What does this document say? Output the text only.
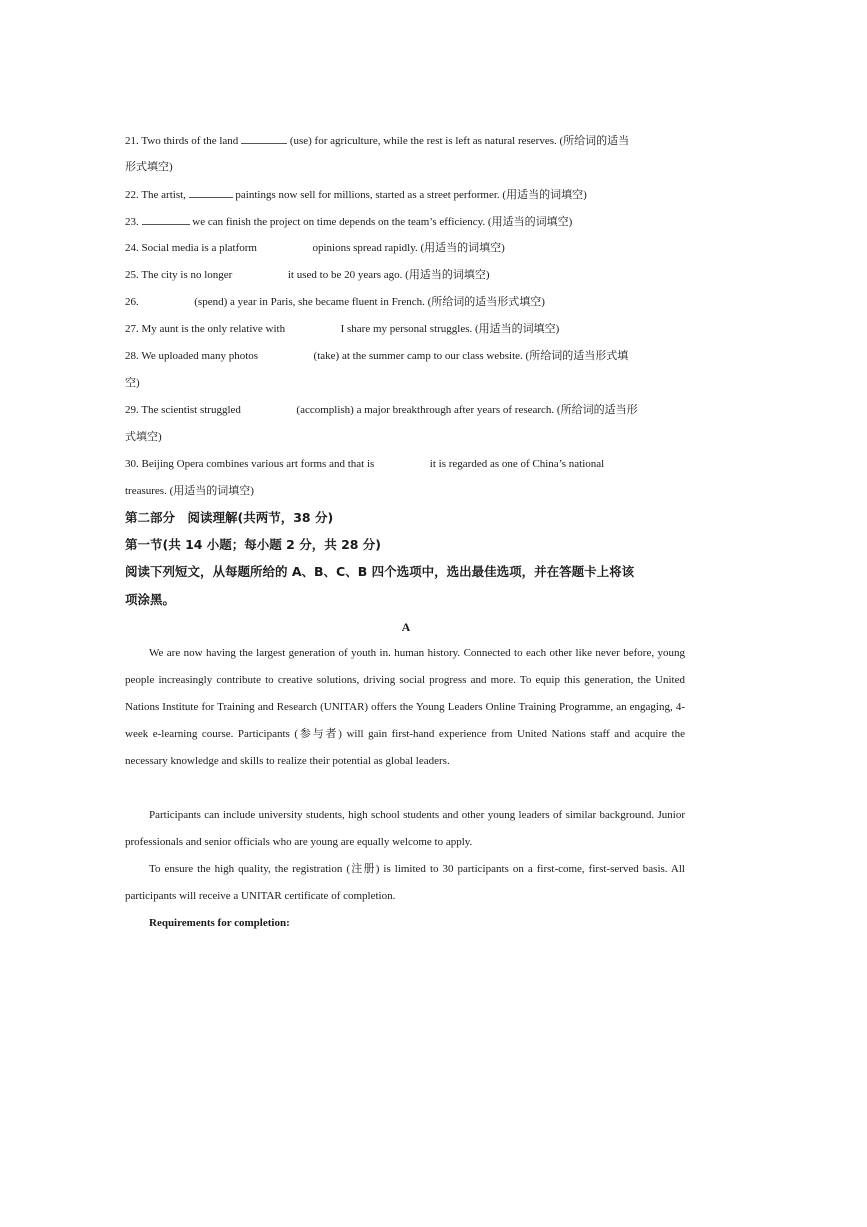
21. Two thirds of the land	(use) for agriculture, while the rest is left as natural reserves. (所给词的适当
形式填空)
22. The artist,	paintings now sell for millions, started as a street performer. (用适当的词填空)
23.	we can finish the project on time depends on the team’s efficiency. (用适当的词填空)
24. Social media is a platform	opinions spread rapidly. (用适当的词填空)
25. The city is no longer	it used to be 20 years ago. (用适当的词填空)
26.	(spend) a year in Paris, she became fluent in French. (所给词的适当形式填空)
27. My aunt is the only relative with	I share my personal struggles. (用适当的词填空)
28. We uploaded many photos	(take) at the summer camp to our class website. (所给词的适当形式填
空)
29. The scientist struggled	(accomplish) a major breakthrough after years of research. (所给词的适当形
式填空)
30. Beijing Opera combines various art forms and that is	it is regarded as one of China’s national
treasures. (用适当的词填空)
第二部分　阅读理解(共两节，38 分)
第一节(共 14 小题；每小题 2 分，共 28 分)
阅读下列短文，从每题所给的 A、B、C、B 四个选项中，选出最佳选项，并在答题卡上将该
项涂黑。
A
We are now having the largest generation of youth in. human history. Connected to each other like never before, young people increasingly contribute to creative solutions, driving social progress and more. To equip this generation, the United Nations Institute for Training and Research (UNITAR) offers the Young Leaders Online Training Programme, an engaging, 4-week e-learning course. Participants (参与者) will gain first-hand experience from United Nations staff and acquire the necessary knowledge and skills to realize their potential as global leaders.
Participants can include university students, high school students and other young leaders of similar background. Junior professionals and senior officials who are young are equally welcome to apply.
To ensure the high quality, the registration (注册) is limited to 30 participants on a first-come, first-served basis. All participants will receive a UNITAR certificate of completion.
Requirements for completion:
